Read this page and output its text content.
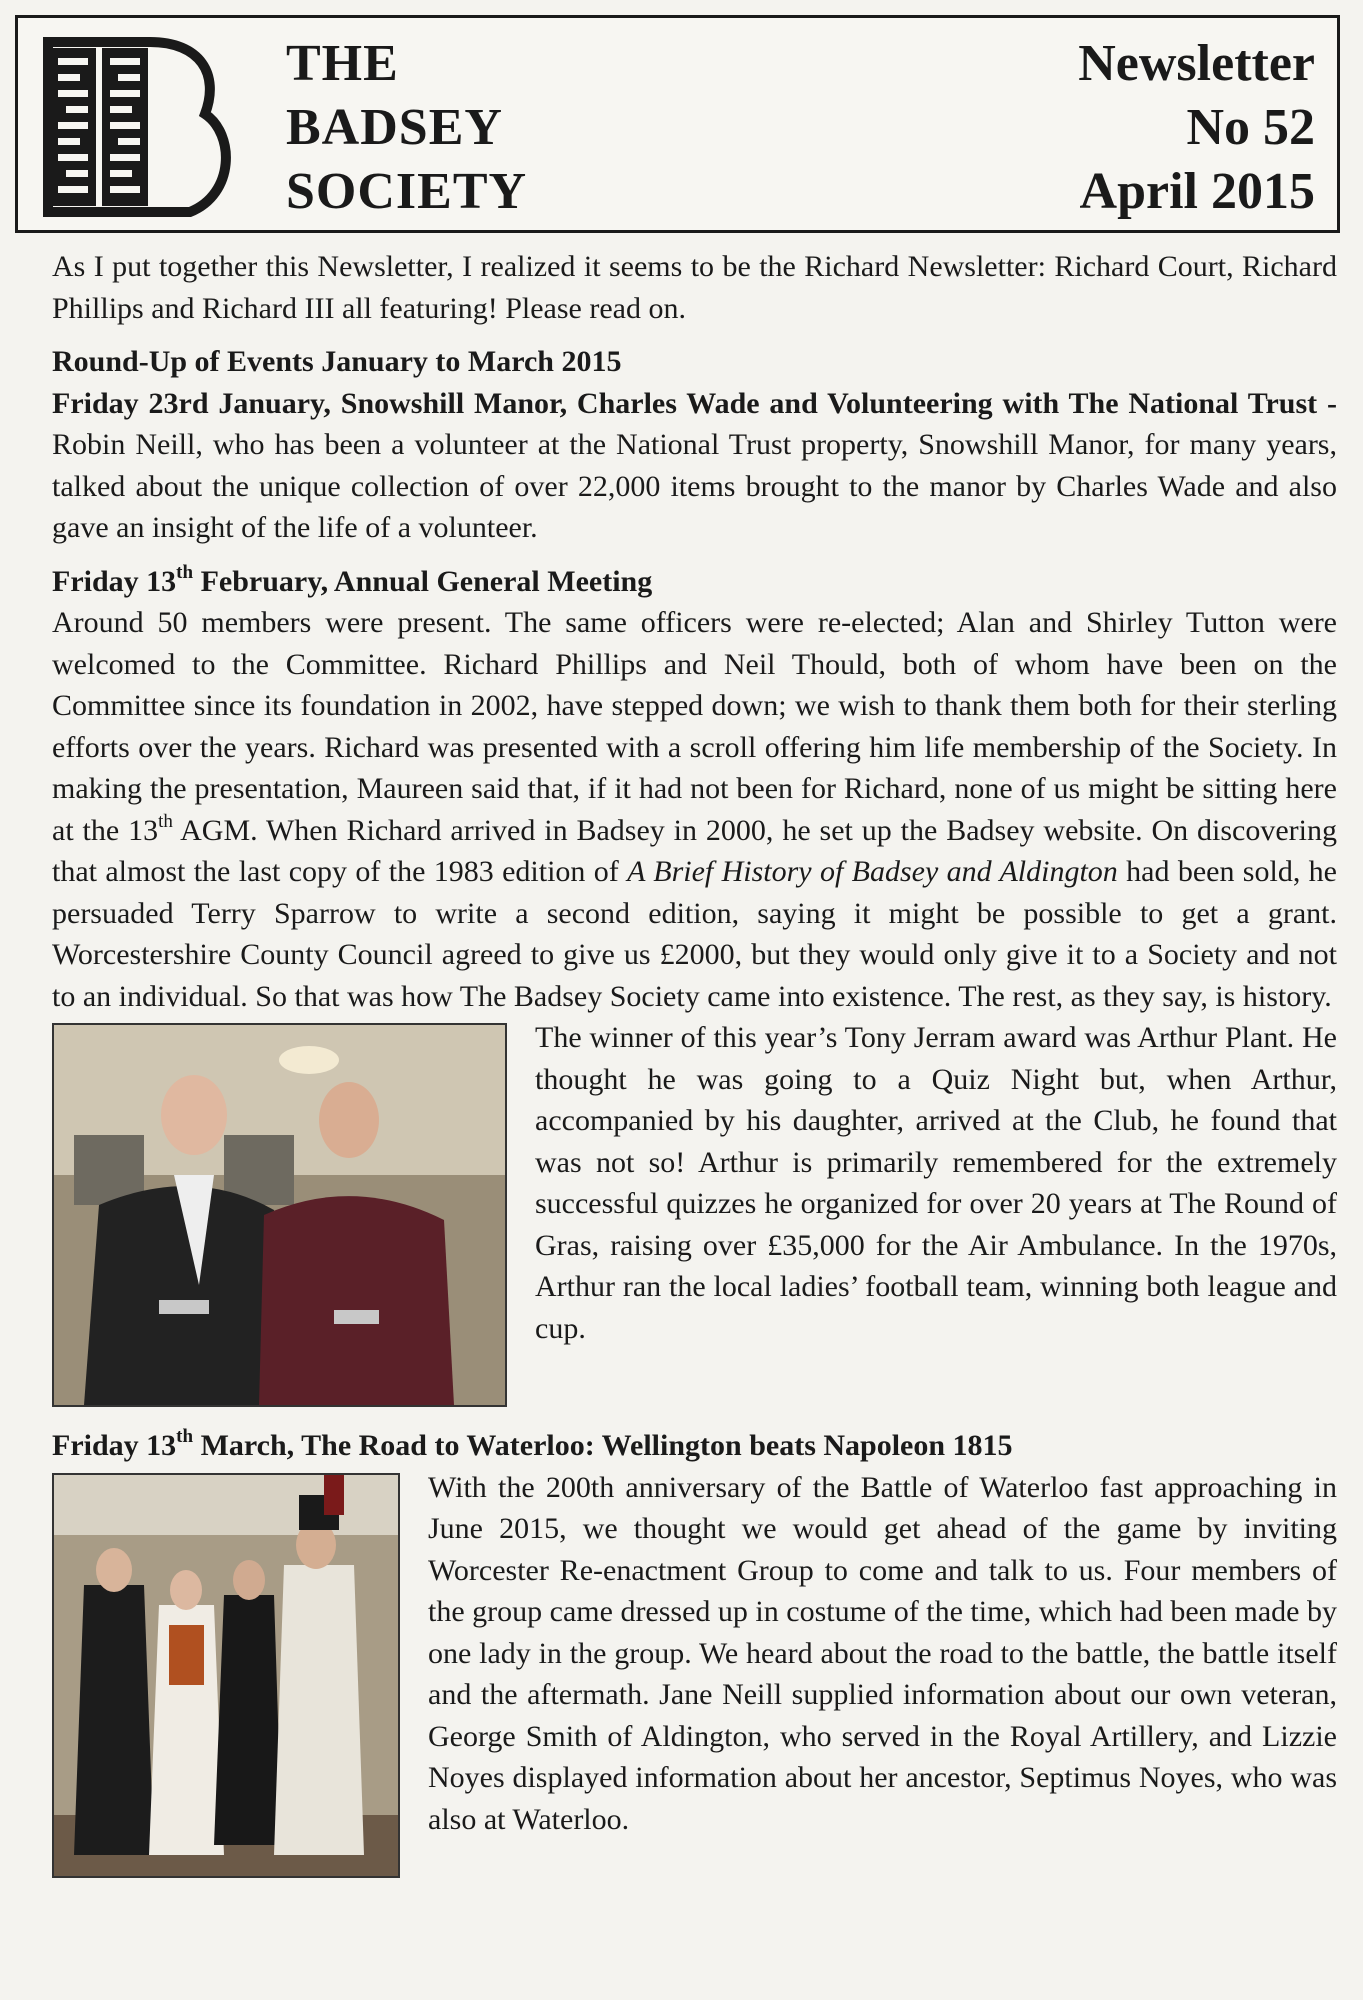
THE
BADSEY
SOCIETY
Newsletter
No 52
April 2015

As I put together this Newsletter, I realized it seems to be the Richard Newsletter: Richard Court, Richard Phillips and Richard III all featuring! Please read on.

Round-Up of Events January to March 2015

Friday 23rd January, Snowshill Manor, Charles Wade and Volunteering with The National Trust - Robin Neill, who has been a volunteer at the National Trust property, Snowshill Manor, for many years, talked about the unique collection of over 22,000 items brought to the manor by Charles Wade and also gave an insight of the life of a volunteer.

Friday 13th February, Annual General Meeting

Around 50 members were present. The same officers were re-elected; Alan and Shirley Tutton were welcomed to the Committee. Richard Phillips and Neil Thould, both of whom have been on the Committee since its foundation in 2002, have stepped down; we wish to thank them both for their sterling efforts over the years. Richard was presented with a scroll offering him life membership of the Society. In making the presentation, Maureen said that, if it had not been for Richard, none of us might be sitting here at the 13th AGM. When Richard arrived in Badsey in 2000, he set up the Badsey website. On discovering that almost the last copy of the 1983 edition of A Brief History of Badsey and Aldington had been sold, he persuaded Terry Sparrow to write a second edition, saying it might be possible to get a grant. Worcestershire County Council agreed to give us £2000, but they would only give it to a Society and not to an individual. So that was how The Badsey Society came into existence. The rest, as they say, is history.

The winner of this year’s Tony Jerram award was Arthur Plant. He thought he was going to a Quiz Night but, when Arthur, accompanied by his daughter, arrived at the Club, he found that was not so! Arthur is primarily remembered for the extremely successful quizzes he organized for over 20 years at The Round of Gras, raising over £35,000 for the Air Ambulance. In the 1970s, Arthur ran the local ladies’ football team, winning both league and cup.

Friday 13th March, The Road to Waterloo: Wellington beats Napoleon 1815

With the 200th anniversary of the Battle of Waterloo fast approaching in June 2015, we thought we would get ahead of the game by inviting Worcester Re-enactment Group to come and talk to us. Four members of the group came dressed up in costume of the time, which had been made by one lady in the group. We heard about the road to the battle, the battle itself and the aftermath. Jane Neill supplied information about our own veteran, George Smith of Aldington, who served in the Royal Artillery, and Lizzie Noyes displayed information about her ancestor, Septimus Noyes, who was also at Waterloo.
